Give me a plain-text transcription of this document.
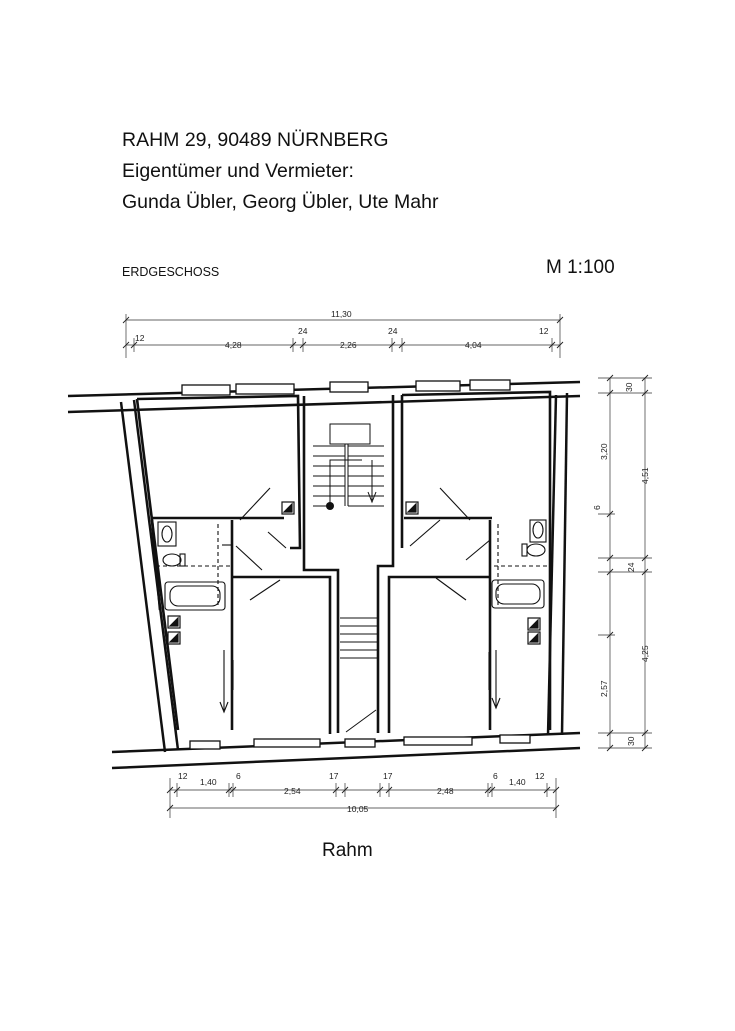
RAHM 29, 90489 NÜRNBERG
Eigentümer und Vermieter:
Gunda Übler, Georg Übler, Ute Mahr
ERDGESCHOSS	M 1:100
Rahm
11,30
12
4,28
24
2,26
24
4,04
12
30
3,20
6
4,51
24
2,57
4,25
30
12
1,40
6
2,54
17	17
2,48
6
1,40
12
10,05
